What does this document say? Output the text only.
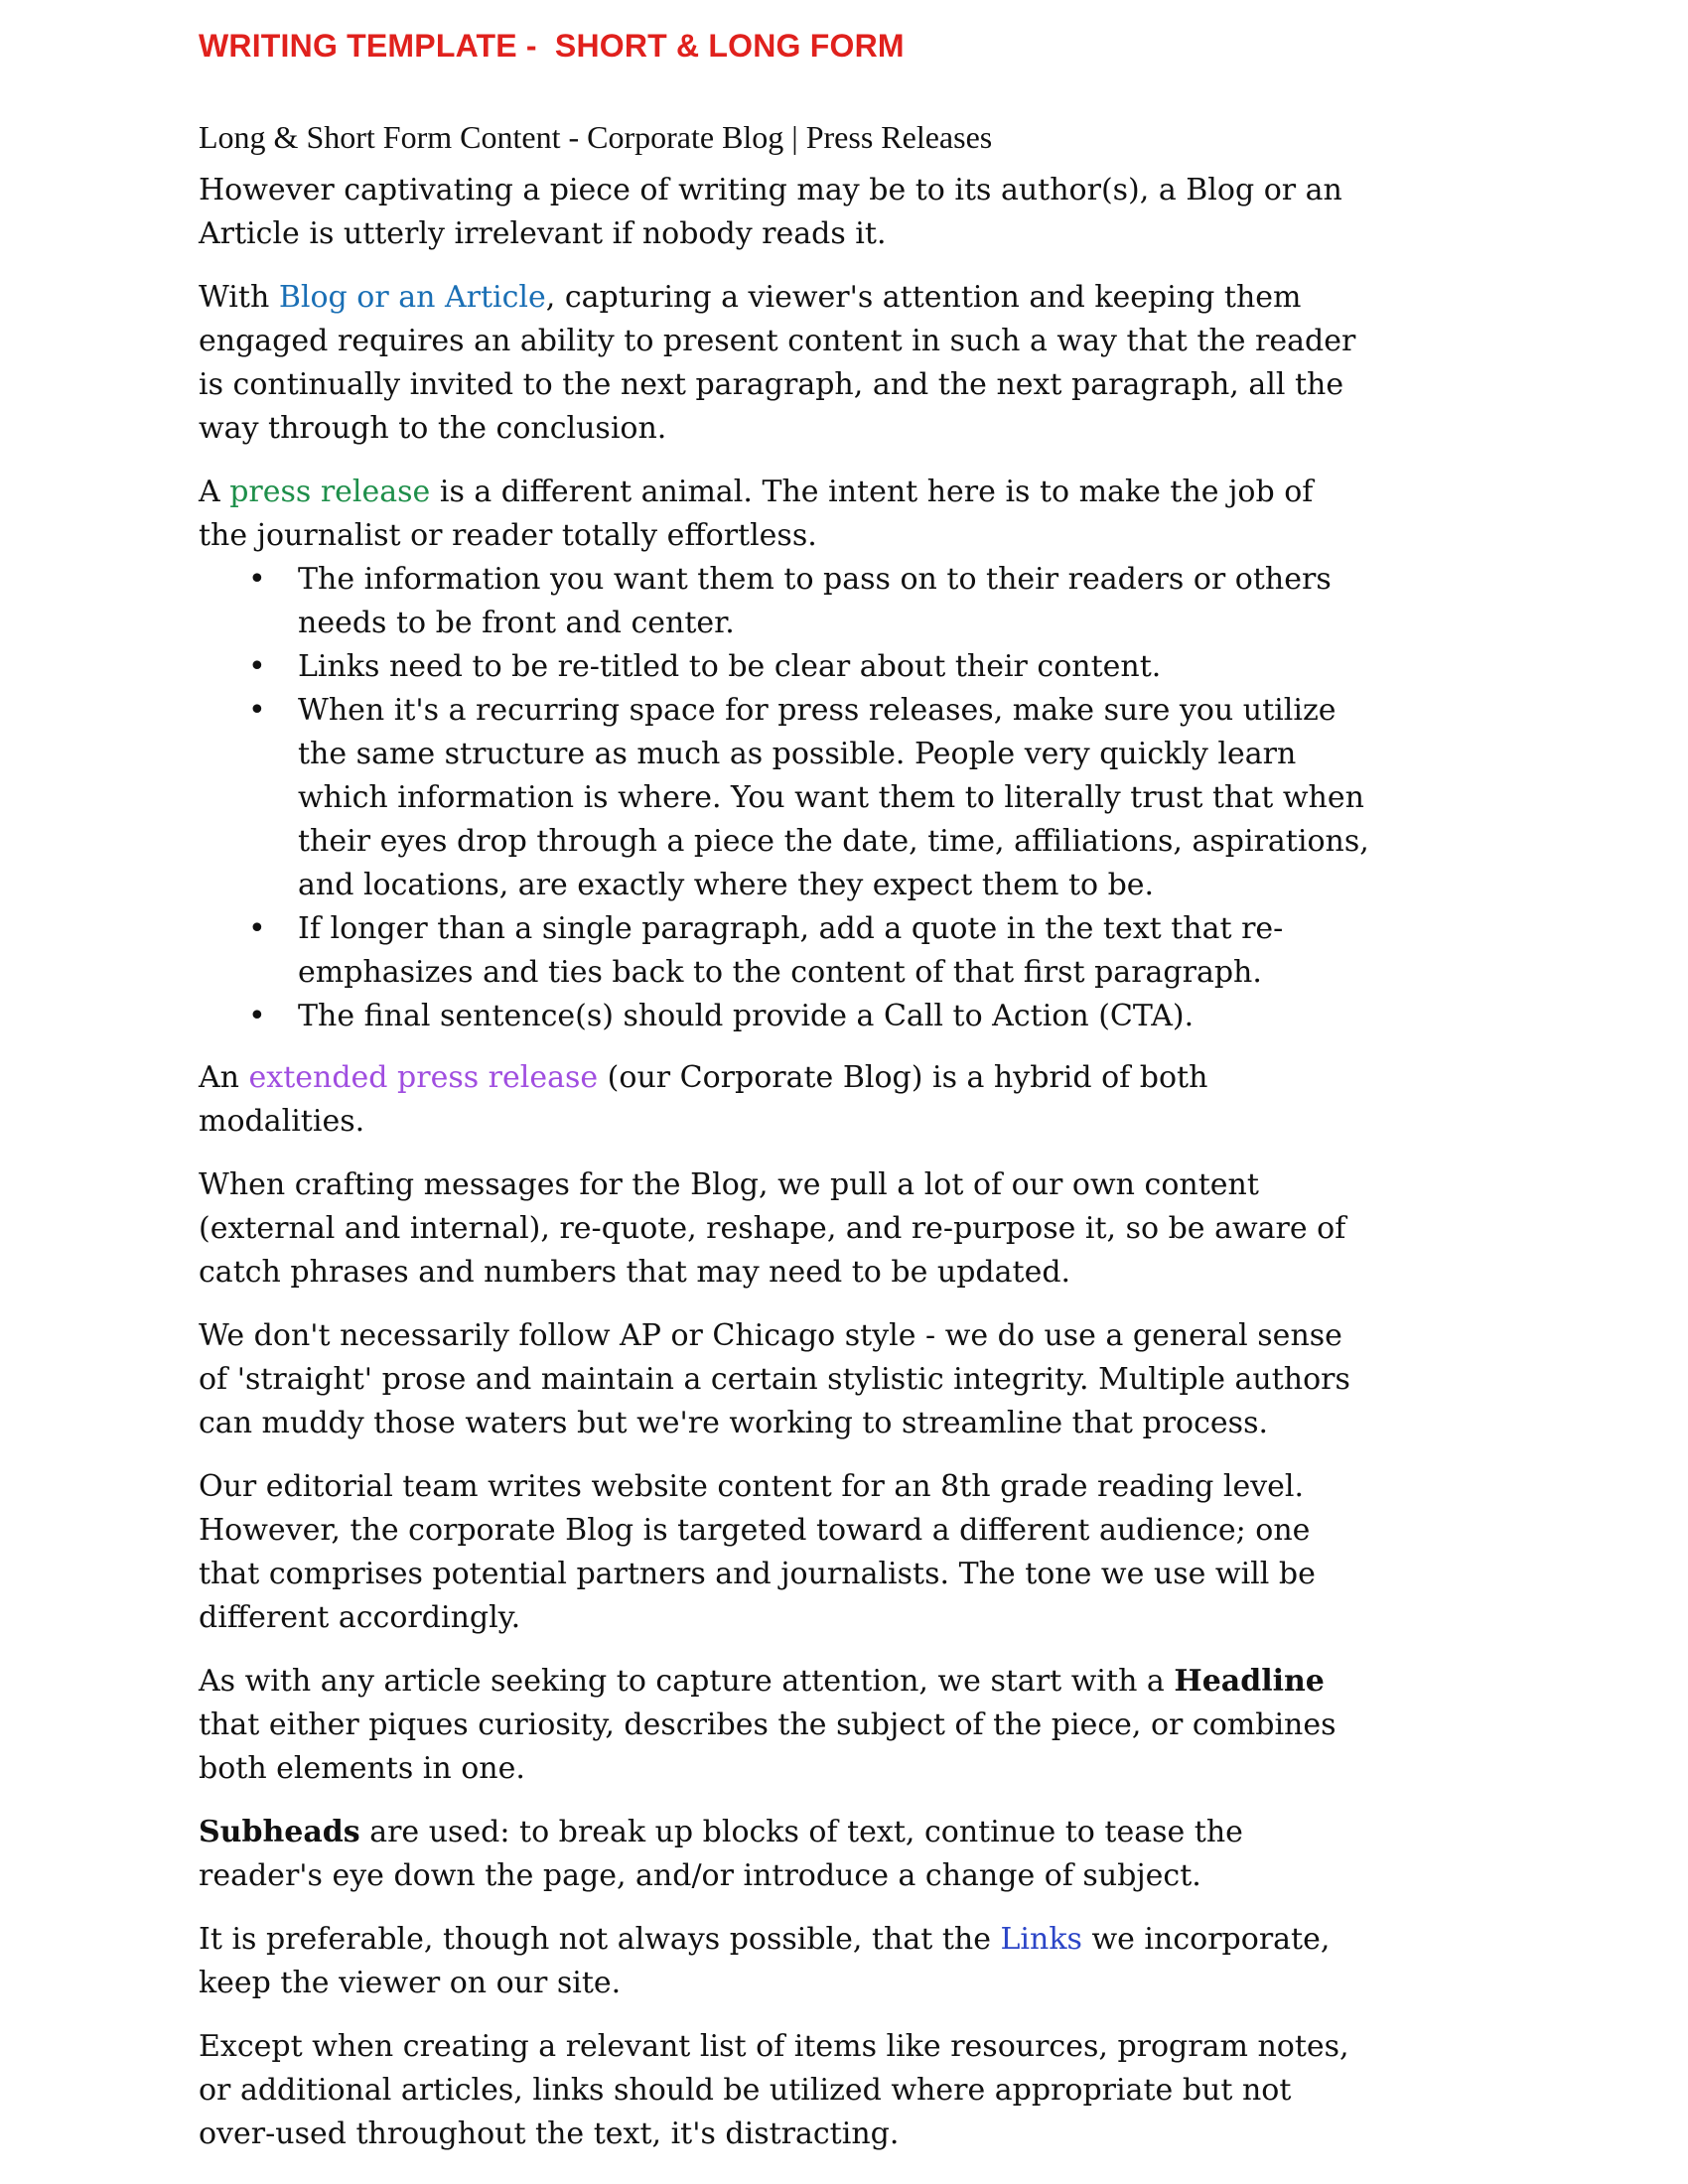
WRITING TEMPLATE -  SHORT & LONG FORM
Long & Short Form Content - Corporate Blog | Press Releases

However captivating a piece of writing may be to its author(s), a Blog or an Article is utterly irrelevant if nobody reads it.

With Blog or an Article, capturing a viewer's attention and keeping them engaged requires an ability to present content in such a way that the reader is continually invited to the next paragraph, and the next paragraph, all the way through to the conclusion.

A press release is a different animal. The intent here is to make the job of the journalist or reader totally effortless.

• The information you want them to pass on to their readers or others needs to be front and center.
• Links need to be re-titled to be clear about their content.
• When it's a recurring space for press releases, make sure you utilize the same structure as much as possible. People very quickly learn which information is where. You want them to literally trust that when their eyes drop through a piece the date, time, affiliations, aspirations, and locations, are exactly where they expect them to be.
• If longer than a single paragraph, add a quote in the text that re-emphasizes and ties back to the content of that first paragraph.
• The final sentence(s) should provide a Call to Action (CTA).

An extended press release (our Corporate Blog) is a hybrid of both modalities.

When crafting messages for the Blog, we pull a lot of our own content (external and internal), re-quote, reshape, and re-purpose it, so be aware of catch phrases and numbers that may need to be updated.

We don't necessarily follow AP or Chicago style - we do use a general sense of 'straight' prose and maintain a certain stylistic integrity. Multiple authors can muddy those waters but we're working to streamline that process.

Our editorial team writes website content for an 8th grade reading level. However, the corporate Blog is targeted toward a different audience; one that comprises potential partners and journalists. The tone we use will be different accordingly.

As with any article seeking to capture attention, we start with a Headline that either piques curiosity, describes the subject of the piece, or combines both elements in one.

Subheads are used: to break up blocks of text, continue to tease the reader's eye down the page, and/or introduce a change of subject.

It is preferable, though not always possible, that the Links we incorporate, keep the viewer on our site.

Except when creating a relevant list of items like resources, program notes, or additional articles, links should be utilized where appropriate but not over-used throughout the text, it's distracting.
